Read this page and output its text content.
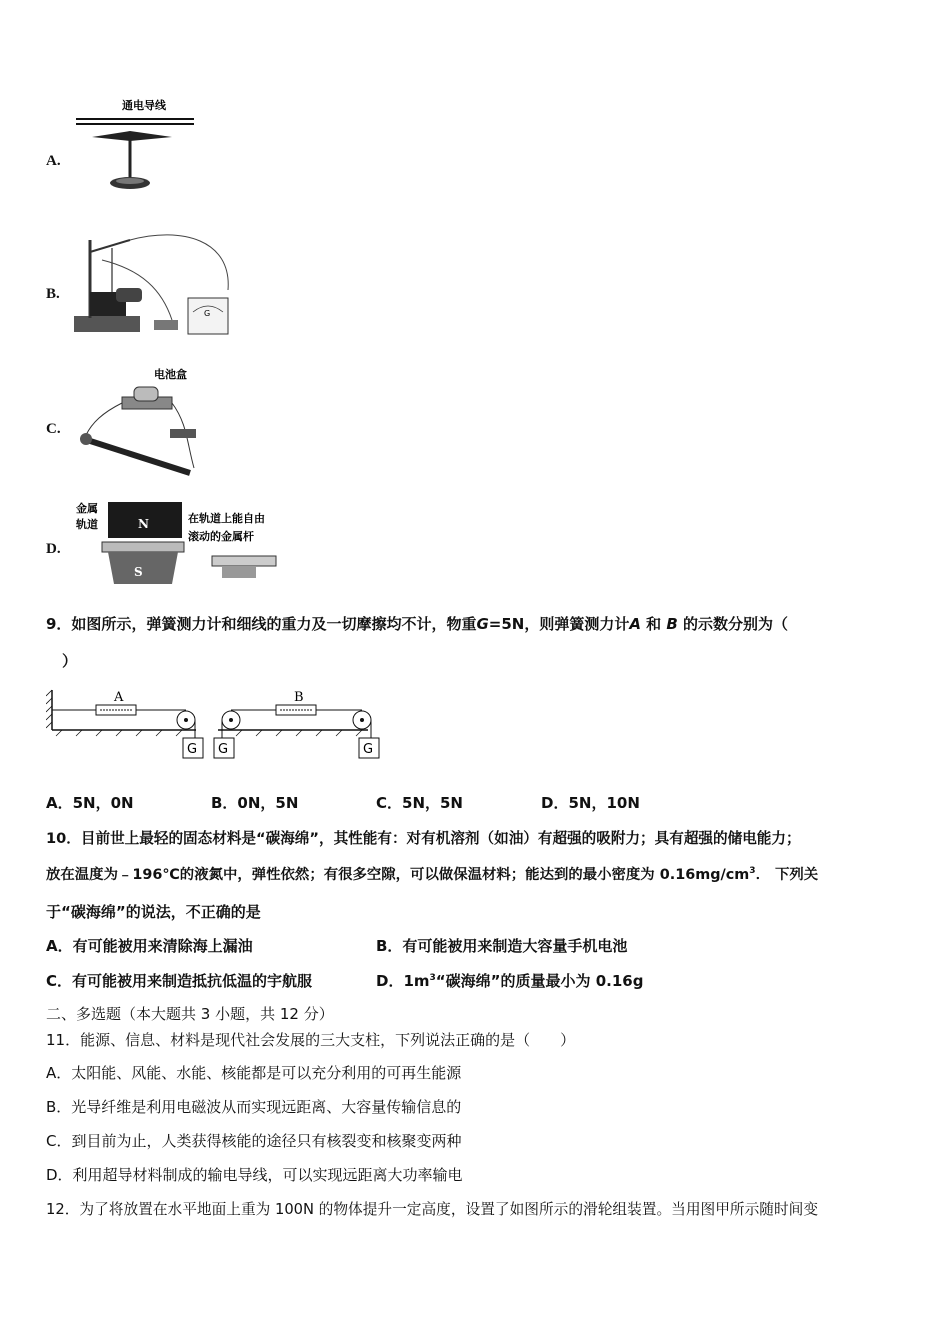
A.
通电导线
B.
G
C.
电池盒
D.
金属
轨道	N
S
在轨道上能自由
滚动的金属杆
9．如图所示，弹簧测力计和细线的重力及一切摩擦均不计，物重G=5N，则弹簧测力计A 和 B 的示数分别为（
）
A
G
B
G	G
A．5N，0N	B．0N，5N	C．5N，5N	D．5N，10N
10．目前世上最轻的固态材料是“碳海绵”，其性能有：对有机溶剂（如油）有超强的吸附力；具有超强的储电能力；
放在温度为﹣196℃的液氮中，弹性依然；有很多空隙，可以做保温材料；能达到的最小密度为 $0.16mg/cm^3$． 下列关
于“碳海绵”的说法，不正确的是
A．有可能被用来清除海上漏油	B．有可能被用来制造大容量手机电池
C．有可能被用来制造抵抗低温的宇航服	D．$1m^3“$碳海绵”的质量最小为 0.16g
二、多选题（本大题共 3 小题，共 12 分）
11．能源、信息、材料是现代社会发展的三大支柱，下列说法正确的是（　　）
A．太阳能、风能、水能、核能都是可以充分利用的可再生能源
B．光导纤维是利用电磁波从而实现远距离、大容量传输信息的
C．到目前为止，人类获得核能的途径只有核裂变和核聚变两种
D．利用超导材料制成的输电导线，可以实现远距离大功率输电
12．为了将放置在水平地面上重为 100N 的物体提升一定高度，设置了如图所示的滑轮组装置。当用图甲所示随时间变
